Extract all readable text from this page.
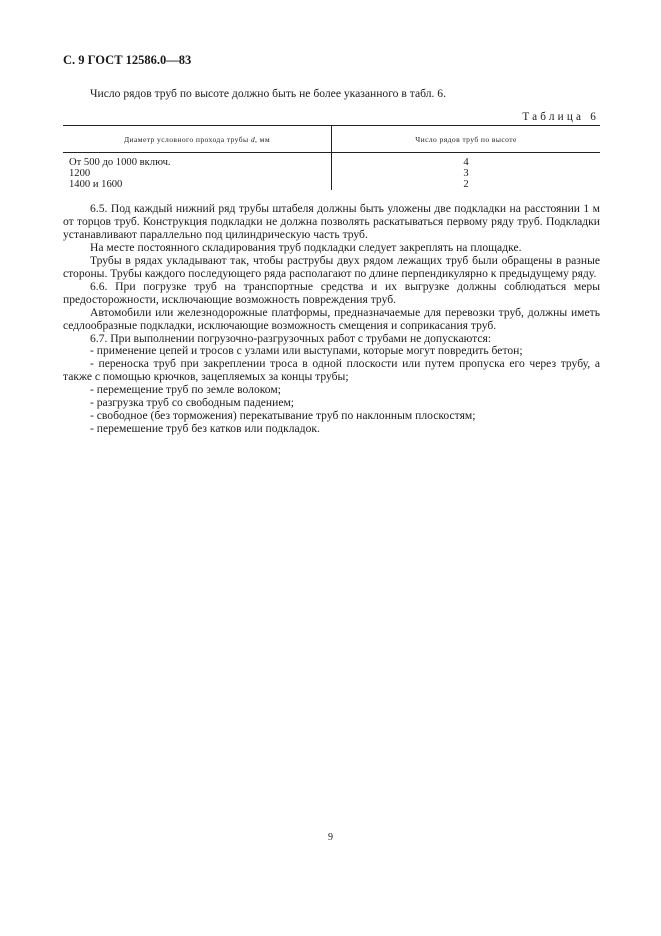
С. 9 ГОСТ 12586.0—83
Число рядов труб по высоте должно быть не более указанного в табл. 6.
Таблица 6
Диаметр условного прохода трубы d, мм	Число рядов труб по высоте
От 500 до 1000 включ.	4
1200	3
1400 и 1600	2

6.5. Под каждый нижний ряд трубы штабеля должны быть уложены две подкладки на расстоянии 1 м от торцов труб. Конструкция подкладки не должна позволять раскатываться первому ряду труб. Подкладки устанавливают параллельно под цилиндрическую часть труб.

На месте постоянного складирования труб подкладки следует закреплять на площадке.

Трубы в рядах укладывают так, чтобы раструбы двух рядом лежащих труб были обращены в разные стороны. Трубы каждого последующего ряда располагают по длине перпендикулярно к предыдущему ряду.

6.6. При погрузке труб на транспортные средства и их выгрузке должны соблюдаться меры предосторожности, исключающие возможность повреждения труб.

Автомобили или железнодорожные платформы, предназначаемые для перевозки труб, должны иметь седлообразные подкладки, исключающие возможность смещения и соприкасания труб.

6.7. При выполнении погрузочно-разгрузочных работ с трубами не допускаются:

- применение цепей и тросов с узлами или выступами, которые могут повредить бетон;

- переноска труб при закреплении троса в одной плоскости или путем пропуска его через трубу, а также с помощью крючков, зацепляемых за концы трубы;

- перемещение труб по земле волоком;

- разгрузка труб со свободным падением;

- свободное (без торможения) перекатывание труб по наклонным плоскостям;

- перемешение труб без катков или подкладок.

9
